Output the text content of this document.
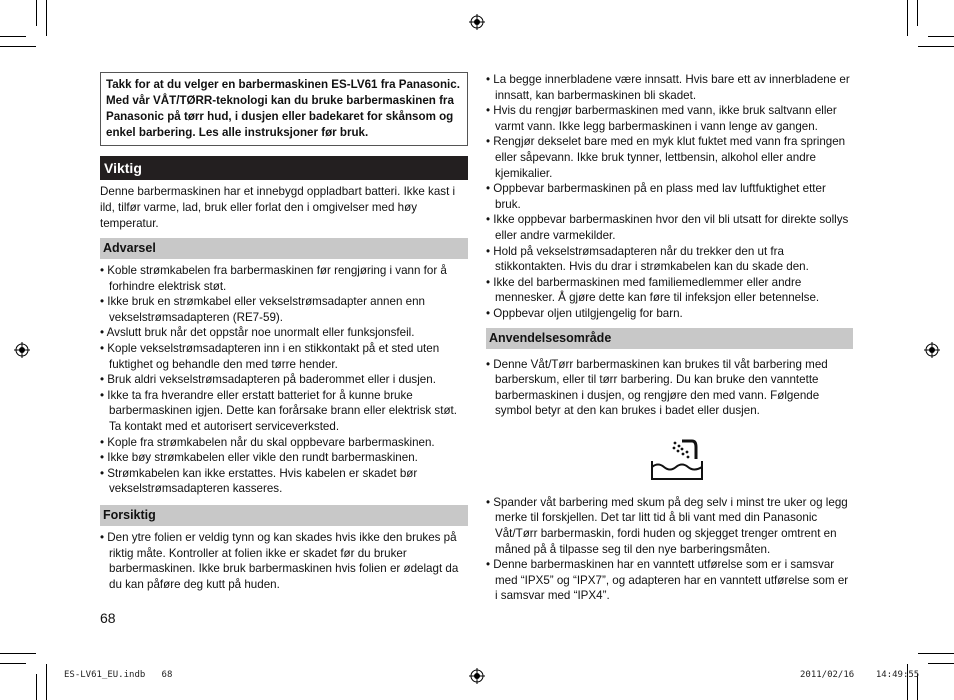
Takk for at du velger en barbermaskinen ES-LV61 fra Panasonic. Med vår VÅT/TØRR-teknologi kan du bruke barbermaskinen fra Panasonic på tørr hud, i dusjen eller badekaret for skånsom og enkel barbering. Les alle instruksjoner før bruk.
Viktig

Denne barbermaskinen har et innebygd oppladbart batteri. Ikke kast i ild, tilfør varme, lad, bruk eller forlat den i omgivelser med høy temperatur.

Advarsel
• Koble strømkabelen fra barbermaskinen før rengjøring i vann for å forhindre elektrisk støt.
• Ikke bruk en strømkabel eller vekselstrømsadapter annen enn vekselstrømsadapteren (RE7-59).
• Avslutt bruk når det oppstår noe unormalt eller funksjonsfeil.
• Kople vekselstrømsadapteren inn i en stikkontakt på et sted uten fuktighet og behandle den med tørre hender.
• Bruk aldri vekselstrømsadapteren på baderommet eller i dusjen.
• Ikke ta fra hverandre eller erstatt batteriet for å kunne bruke barbermaskinen igjen. Dette kan forårsake brann eller elektrisk støt. Ta kontakt med et autorisert serviceverksted.
• Kople fra strømkabelen når du skal oppbevare barbermaskinen.
• Ikke bøy strømkabelen eller vikle den rundt barbermaskinen.
• Strømkabelen kan ikke erstattes. Hvis kabelen er skadet bør vekselstrømsadapteren kasseres.
Forsiktig
• Den ytre folien er veldig tynn og kan skades hvis ikke den brukes på riktig måte. Kontroller at folien ikke er skadet før du bruker barbermaskinen. Ikke bruk barbermaskinen hvis folien er ødelagt da du kan påføre deg kutt på huden.
• La begge innerbladene være innsatt. Hvis bare ett av innerbladene er innsatt, kan barbermaskinen bli skadet.
• Hvis du rengjør barbermaskinen med vann, ikke bruk saltvann eller varmt vann. Ikke legg barbermaskinen i vann lenge av gangen.
• Rengjør dekselet bare med en myk klut fuktet med vann fra springen eller såpevann. Ikke bruk tynner, lettbensin, alkohol eller andre kjemikalier.
• Oppbevar barbermaskinen på en plass med lav luftfuktighet etter bruk.
• Ikke oppbevar barbermaskinen hvor den vil bli utsatt for direkte sollys eller andre varmekilder.
• Hold på vekselstrømsadapteren når du trekker den ut fra stikkontakten. Hvis du drar i strømkabelen kan du skade den.
• Ikke del barbermaskinen med familiemedlemmer eller andre mennesker. Å gjøre dette kan føre til infeksjon eller betennelse.
• Oppbevar oljen utilgjengelig for barn.
Anvendelsesområde
• Denne Våt/Tørr barbermaskinen kan brukes til våt barbering med barberskum, eller til tørr barbering. Du kan bruke den vanntette barbermaskinen i dusjen, og rengjøre den med vann. Følgende symbol betyr at den kan brukes i badet eller dusjen.
• Spander våt barbering med skum på deg selv i minst tre uker og legg merke til forskjellen. Det tar litt tid å bli vant med din Panasonic Våt/Tørr barbermaskin, fordi huden og skjegget trenger omtrent en måned på å tilpasse seg til den nye barberingsmåten.
• Denne barbermaskinen har en vanntett utførelse som er i samsvar med “IPX5” og “IPX7”, og adapteren har en vanntett utførelse som er i samsvar med “IPX4”.
68
ES-LV61_EU.indb 68	2011/02/16 14:49:55
